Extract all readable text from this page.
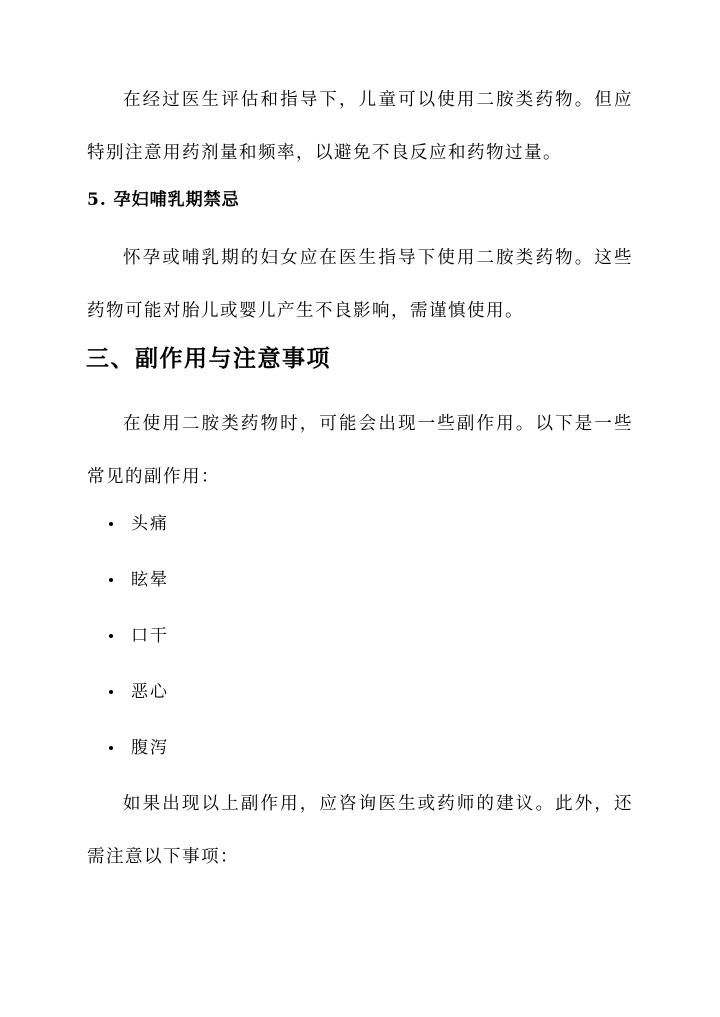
在经过医生评估和指导下，儿童可以使用二胺类药物。但应特别注意用药剂量和频率，以避免不良反应和药物过量。

5. 孕妇哺乳期禁忌

怀孕或哺乳期的妇女应在医生指导下使用二胺类药物。这些药物可能对胎儿或婴儿产生不良影响，需谨慎使用。

三、副作用与注意事项

在使用二胺类药物时，可能会出现一些副作用。以下是一些常见的副作用：

头痛
眩晕
口干
恶心
腹泻

如果出现以上副作用，应咨询医生或药师的建议。此外，还需注意以下事项：
